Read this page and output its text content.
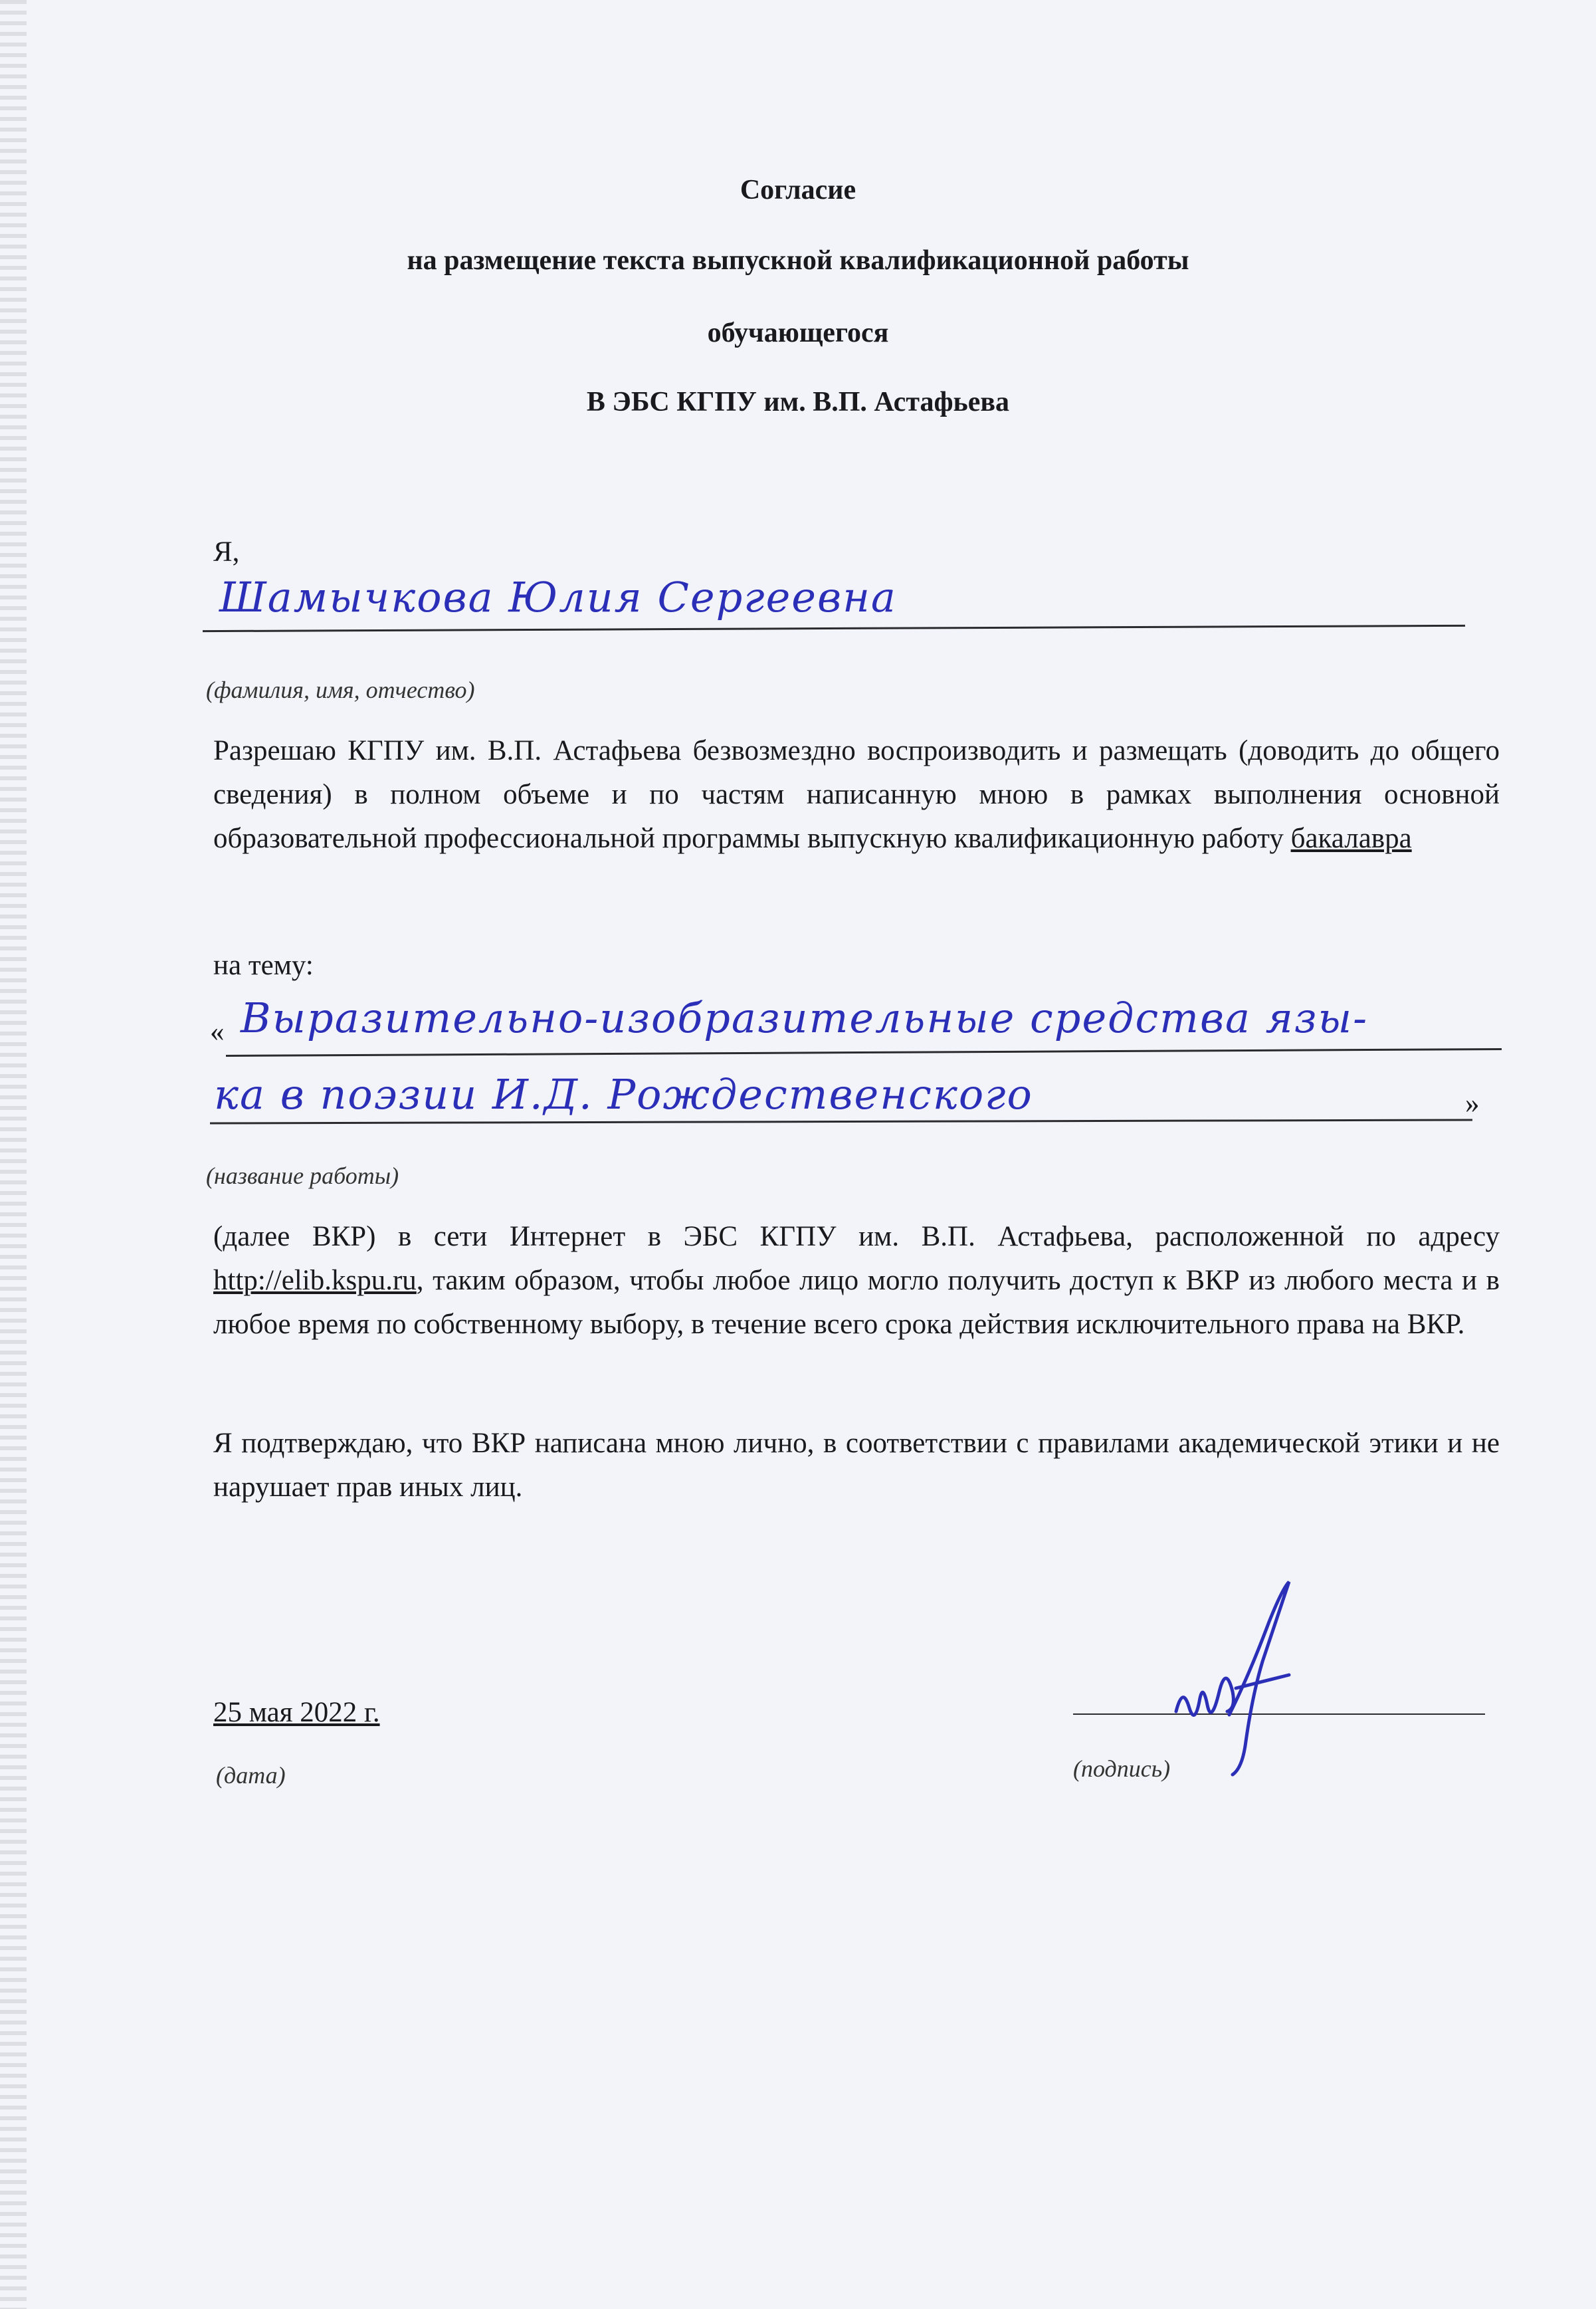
Согласие
на размещение текста выпускной квалификационной работы
обучающегося
В ЭБС КГПУ им. В.П. Астафьева
Я,
Шамычкова Юлия Сергеевна
(фамилия, имя, отчество)
Разрешаю КГПУ им. В.П. Астафьева безвозмездно воспроизводить и размещать (доводить до общего сведения) в полном объеме и по частям написанную мною в рамках выполнения основной образовательной профессиональной программы выпускную квалификационную работу бакалавра
на тему:
« Выразительно-изобразительные средства язы-
ка в поэзии И.Д. Рождественского	»
(название работы)
(далее ВКР) в сети Интернет в ЭБС КГПУ им. В.П. Астафьева, расположенной по адресу http://elib.kspu.ru, таким образом, чтобы любое лицо могло получить доступ к ВКР из любого места и в любое время по собственному выбору, в течение всего срока действия исключительного права на ВКР.
Я подтверждаю, что ВКР написана мною лично, в соответствии с правилами академической этики и не нарушает прав иных лиц.
25 мая 2022 г.
(дата)	(подпись)
